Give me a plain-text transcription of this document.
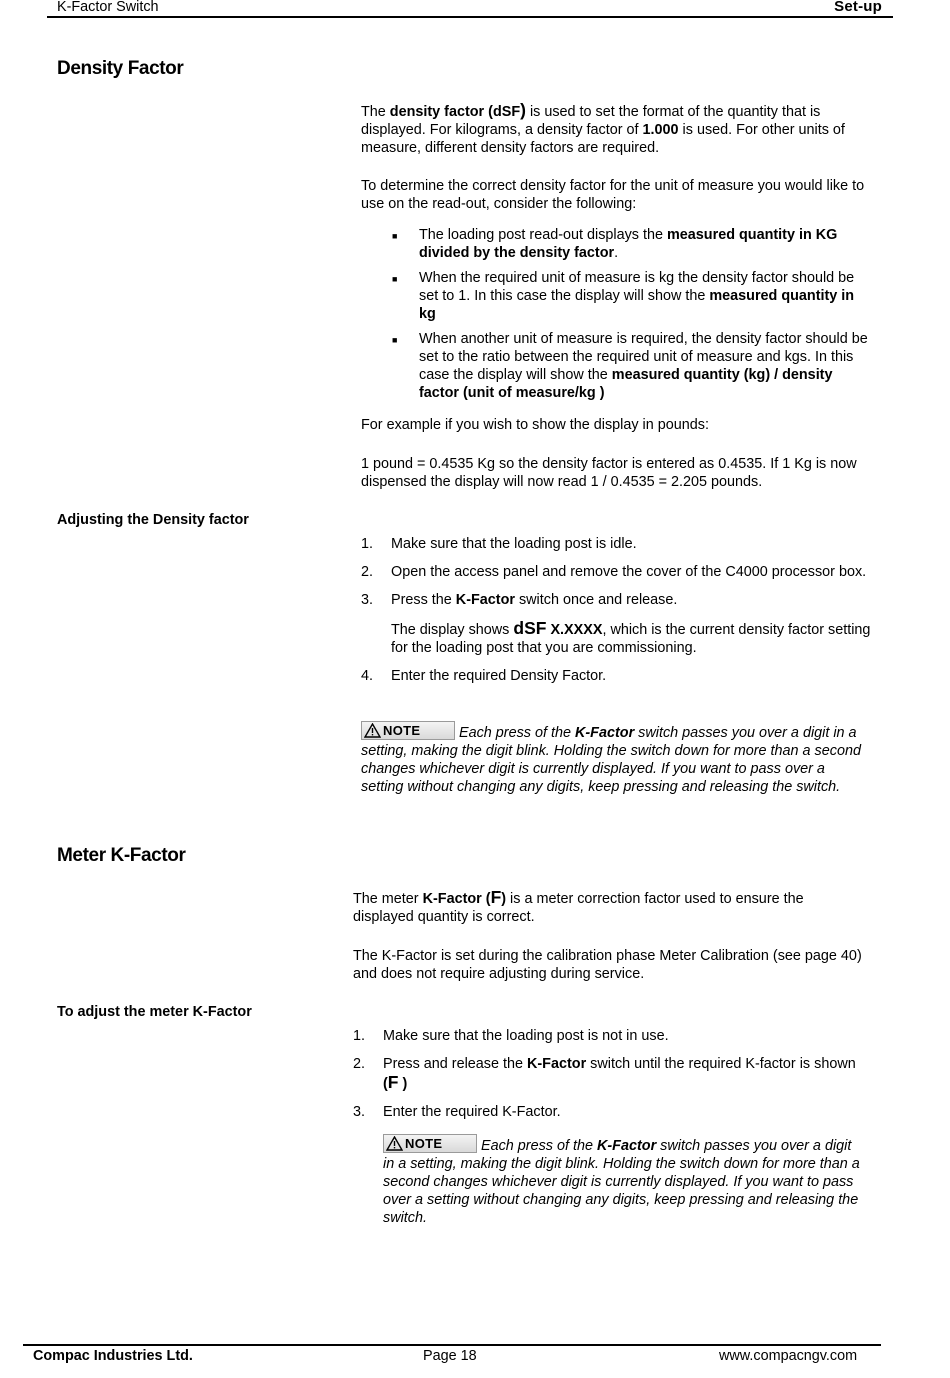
K-Factor Switch	Set-up
Density Factor

The density factor (dSF) is used to set the format of the quantity that is displayed. For kilograms, a density factor of 1.000 is used. For other units of measure, different density factors are required.

To determine the correct density factor for the unit of measure you would like to use on the read-out, consider the following:
■ The loading post read-out displays the measured quantity in KG divided by the density factor.
■ When the required unit of measure is kg the density factor should be set to 1. In this case the display will show the measured quantity in kg
■ When another unit of measure is required, the density factor should be set to the ratio between the required unit of measure and kgs. In this case the display will show the measured quantity (kg) / density factor (unit of measure/kg )
For example if you wish to show the display in pounds:
1 pound = 0.4535 Kg so the density factor is entered as 0.4535. If 1 Kg is now dispensed the display will now read 1 / 0.4535 = 2.205 pounds.
Adjusting the Density factor
1. Make sure that the loading post is idle.
2. Open the access panel and remove the cover of the C4000 processor box.
3. Press the K-Factor switch once and release.
The display shows dSF X.XXXX, which is the current density factor setting for the loading post that you are commissioning.
4. Enter the required Density Factor.
NOTE	Each press of the K-Factor switch passes you over a digit in a setting, making the digit blink. Holding the switch down for more than a second changes whichever digit is currently displayed. If you want to pass over a setting without changing any digits, keep pressing and releasing the switch.
Meter K-Factor
The meter K-Factor (F) is a meter correction factor used to ensure the displayed quantity is correct.
The K-Factor is set during the calibration phase Meter Calibration (see page 40) and does not require adjusting during service.
To adjust the meter K-Factor
1. Make sure that the loading post is not in use.
2. Press and release the K-Factor switch until the required K-factor is shown (F )
3. Enter the required K-Factor.
NOTE	Each press of the K-Factor switch passes you over a digit in a setting, making the digit blink. Holding the switch down for more than a second changes whichever digit is currently displayed. If you want to pass over a setting without changing any digits, keep pressing and releasing the switch.
Compac Industries Ltd.	Page 18	www.compacngv.com
